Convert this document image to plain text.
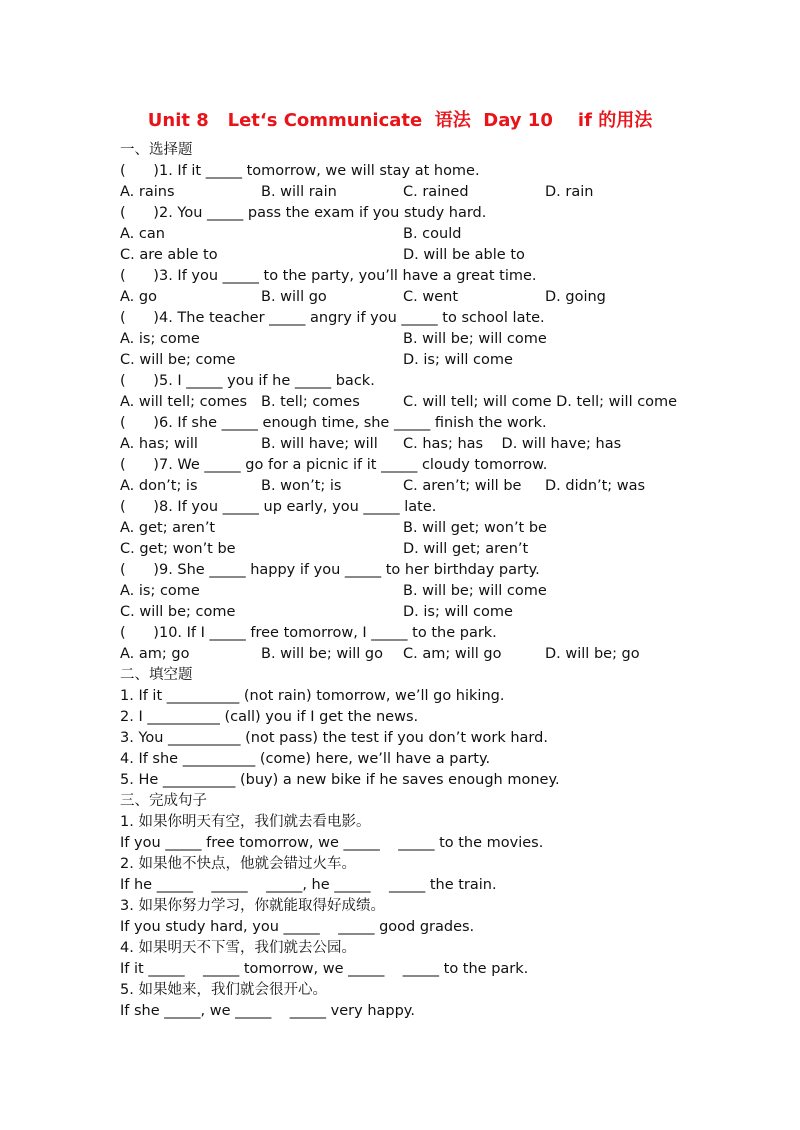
Unit 8   Let‘s Communicate  语法  Day 10    if 的用法
一、选择题
(      )1. If it _____ tomorrow, we will stay at home.
A. rains	B. will rain	C. rained	D. rain
(      )2. You _____ pass the exam if you study hard.
A. can	B. could
C. are able to	D. will be able to
(      )3. If you _____ to the party, you’ll have a great time.
A. go	B. will go	C. went	D. going
(      )4. The teacher _____ angry if you _____ to school late.
A. is; come	B. will be; will come
C. will be; come	D. is; will come
(      )5. I _____ you if he _____ back.
A. will tell; comes B. tell; comes	C. will tell; will come D. tell; will come
(      )6. If she _____ enough time, she _____ finish the work.
A. has; will	B. will have; will C. has; has    D. will have; has
(      )7. We _____ go for a picnic if it _____ cloudy tomorrow.
A. don’t; is	B. won’t; is	C. aren’t; will be D. didn’t; was
(      )8. If you _____ up early, you _____ late.
A. get; aren’t	B. will get; won’t be
C. get; won’t be	D. will get; aren’t
(      )9. She _____ happy if you _____ to her birthday party.
A. is; come	B. will be; will come
C. will be; come	D. is; will come
(      )10. If I _____ free tomorrow, I _____ to the park.
A. am; go	B. will be; will go C. am; will go	D. will be; go
二、填空题
1. If it __________ (not rain) tomorrow, we’ll go hiking.
2. I __________ (call) you if I get the news.
3. You __________ (not pass) the test if you don’t work hard.
4. If she __________ (come) here, we’ll have a party.
5. He __________ (buy) a new bike if he saves enough money.
三、完成句子
1. 如果你明天有空，我们就去看电影。
If you _____ free tomorrow, we _____    _____ to the movies.
2. 如果他不快点，他就会错过火车。
If he _____    _____    _____, he _____    _____ the train.
3. 如果你努力学习，你就能取得好成绩。
If you study hard, you _____    _____ good grades.
4. 如果明天不下雪，我们就去公园。
If it _____    _____ tomorrow, we _____    _____ to the park.
5. 如果她来，我们就会很开心。
If she _____, we _____    _____ very happy.
